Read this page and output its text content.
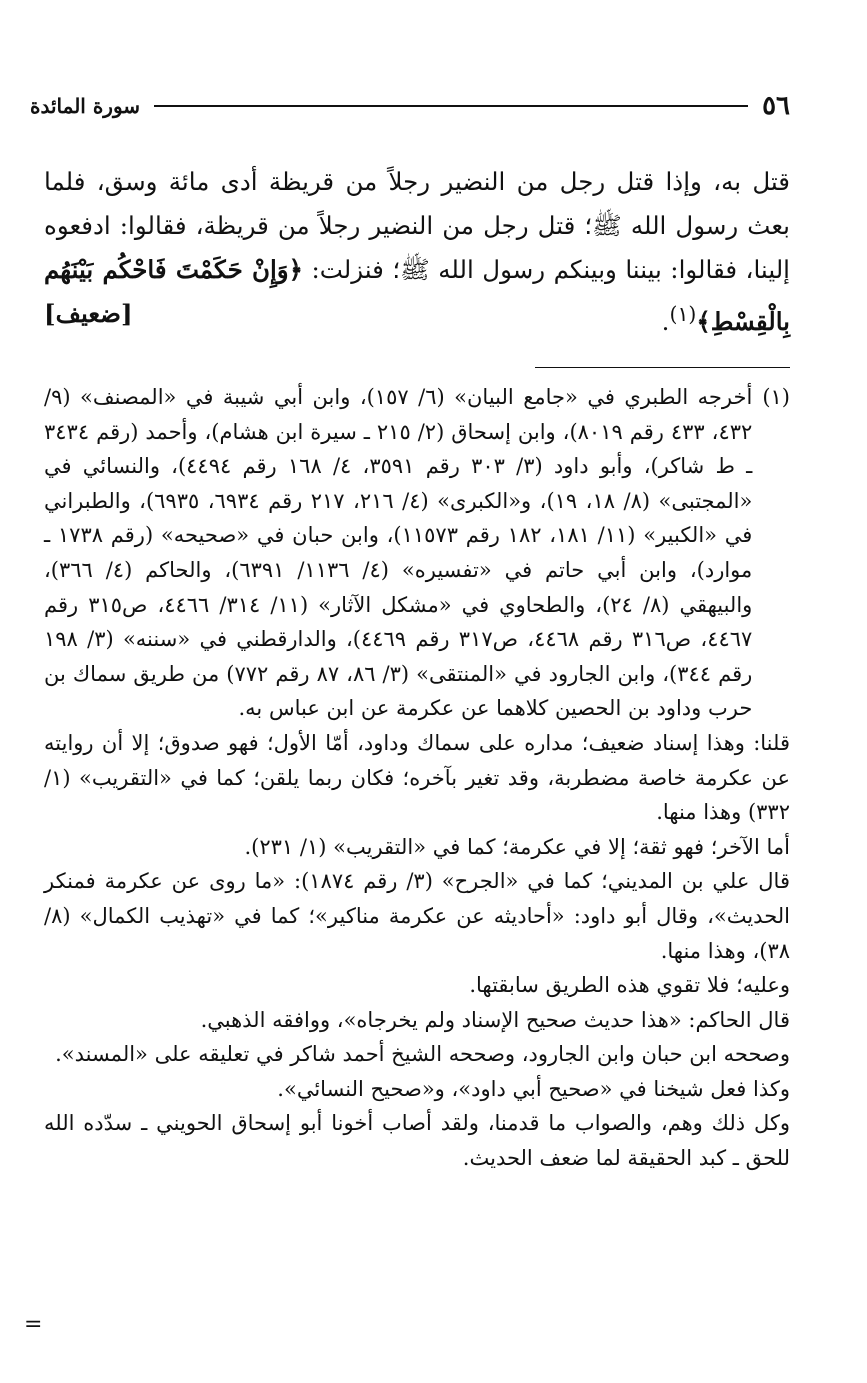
٥٦
سورة المائدة

قتل به، وإذا قتل رجل من النضير رجلاً من قريظة أدى مائة وسق، فلما بعث رسول الله ﷺ؛ قتل رجل من النضير رجلاً من قريظة، فقالوا: ادفعوه إلينا، فقالوا: بيننا وبينكم رسول الله ﷺ؛ فنزلت: ﴿وَإِنْ حَكَمْتَ فَاحْكُم بَيْنَهُم بِالْقِسْطِ﴾$^{(١)}$.
[ضعيف]

(١)
أخرجه الطبري في «جامع البيان» (٦/ ١٥٧)، وابن أبي شيبة في «المصنف» (٩/ ٤٣٢، ٤٣٣ رقم ٨٠١٩)، وابن إسحاق (٢/ ٢١٥ ـ سيرة ابن هشام)، وأحمد (رقم ٣٤٣٤ ـ ط شاكر)، وأبو داود (٣/ ٣٠٣ رقم ٣٥٩١، ٤/ ١٦٨ رقم ٤٤٩٤)، والنسائي في «المجتبى» (٨/ ١٨، ١٩)، و«الكبرى» (٤/ ٢١٦، ٢١٧ رقم ٦٩٣٤، ٦٩٣٥)، والطبراني في «الكبير» (١١/ ١٨١، ١٨٢ رقم ١١٥٧٣)، وابن حبان في «صحيحه» (رقم ١٧٣٨ ـ موارد)، وابن أبي حاتم في «تفسيره» (٤/ ١١٣٦/ ٦٣٩١)، والحاكم (٤/ ٣٦٦)، والبيهقي (٨/ ٢٤)، والطحاوي في «مشكل الآثار» (١١/ ٣١٤/ ٤٤٦٦، ص٣١٥ رقم ٤٤٦٧، ص٣١٦ رقم ٤٤٦٨، ص٣١٧ رقم ٤٤٦٩)، والدارقطني في «سننه» (٣/ ١٩٨ رقم ٣٤٤)، وابن الجارود في «المنتقى» (٣/ ٨٦، ٨٧ رقم ٧٧٢) من طريق سماك بن حرب وداود بن الحصين كلاهما عن عكرمة عن ابن عباس به.

قلنا: وهذا إسناد ضعيف؛ مداره على سماك وداود، أمّا الأول؛ فهو صدوق؛ إلا أن روايته عن عكرمة خاصة مضطربة، وقد تغير بآخره؛ فكان ربما يلقن؛ كما في «التقريب» (١/ ٣٣٢) وهذا منها.

أما الآخر؛ فهو ثقة؛ إلا في عكرمة؛ كما في «التقريب» (١/ ٢٣١).

قال علي بن المديني؛ كما في «الجرح» (٣/ رقم ١٨٧٤): «ما روى عن عكرمة فمنكر الحديث»، وقال أبو داود: «أحاديثه عن عكرمة مناكير»؛ كما في «تهذيب الكمال» (٨/ ٣٨)، وهذا منها.

وعليه؛ فلا تقوي هذه الطريق سابقتها.

قال الحاكم: «هذا حديث صحيح الإسناد ولم يخرجاه»، ووافقه الذهبي.

وصححه ابن حبان وابن الجارود، وصححه الشيخ أحمد شاكر في تعليقه على «المسند».

وكذا فعل شيخنا في «صحيح أبي داود»، و«صحيح النسائي».

وكل ذلك وهم، والصواب ما قدمنا، ولقد أصاب أخونا أبو إسحاق الحويني ـ سدّده الله للحق ـ كبد الحقيقة لما ضعف الحديث.

=
